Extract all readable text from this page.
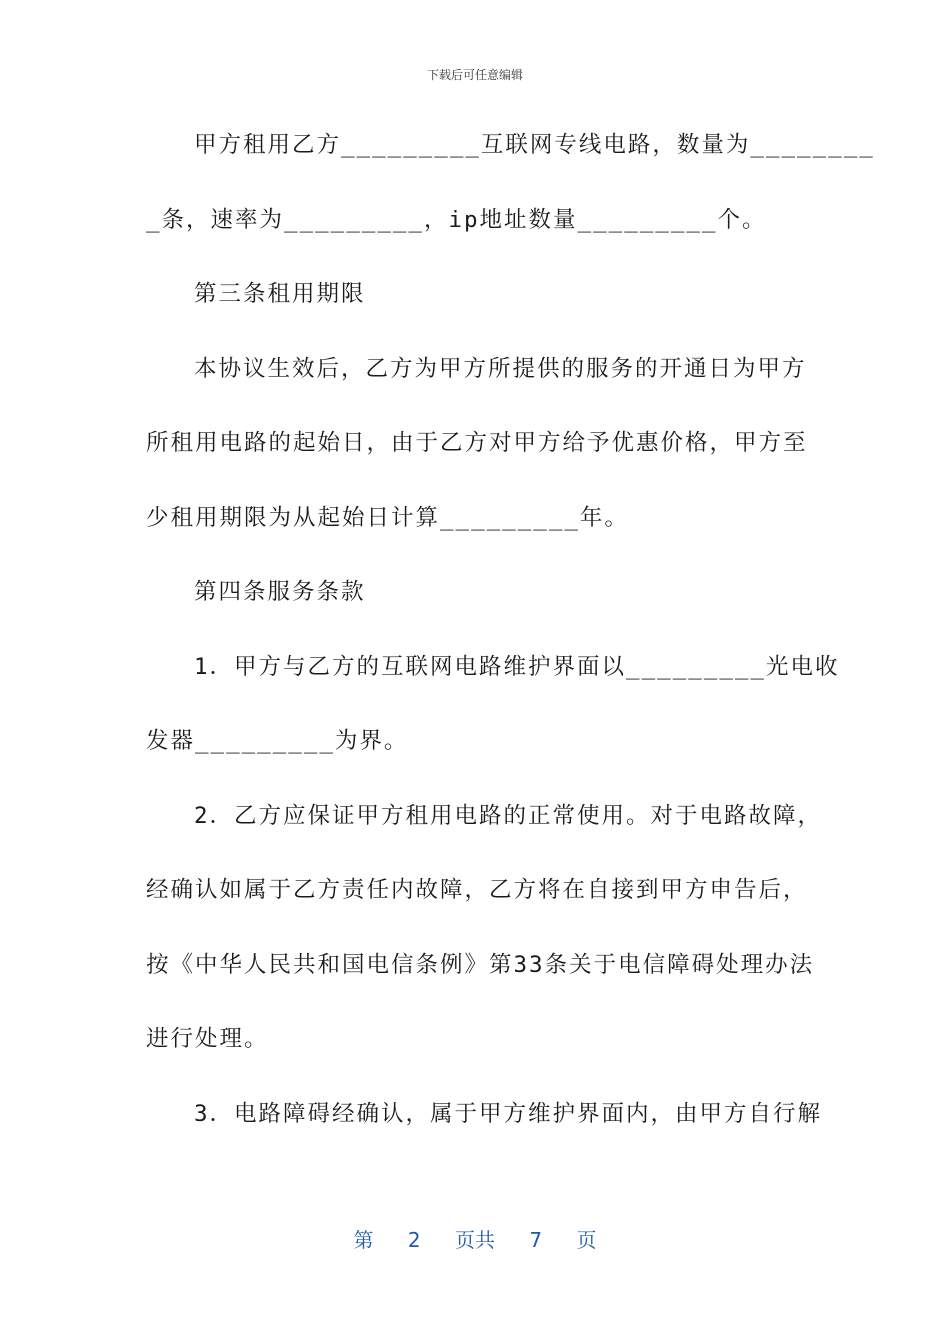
下载后可任意编辑
甲方租用乙方_________互联网专线电路，数量为________
_条，速率为_________，ip地址数量_________个。
第三条租用期限
本协议生效后，乙方为甲方所提供的服务的开通日为甲方
所租用电路的起始日，由于乙方对甲方给予优惠价格，甲方至
少租用期限为从起始日计算_________年。
第四条服务条款
1．甲方与乙方的互联网电路维护界面以_________光电收
发器_________为界。
2．乙方应保证甲方租用电路的正常使用。对于电路故障，
经确认如属于乙方责任内故障，乙方将在自接到甲方申告后，
按《中华人民共和国电信条例》第33条关于电信障碍处理办法
进行处理。
3．电路障碍经确认，属于甲方维护界面内，由甲方自行解
第 2 页共 7 页
